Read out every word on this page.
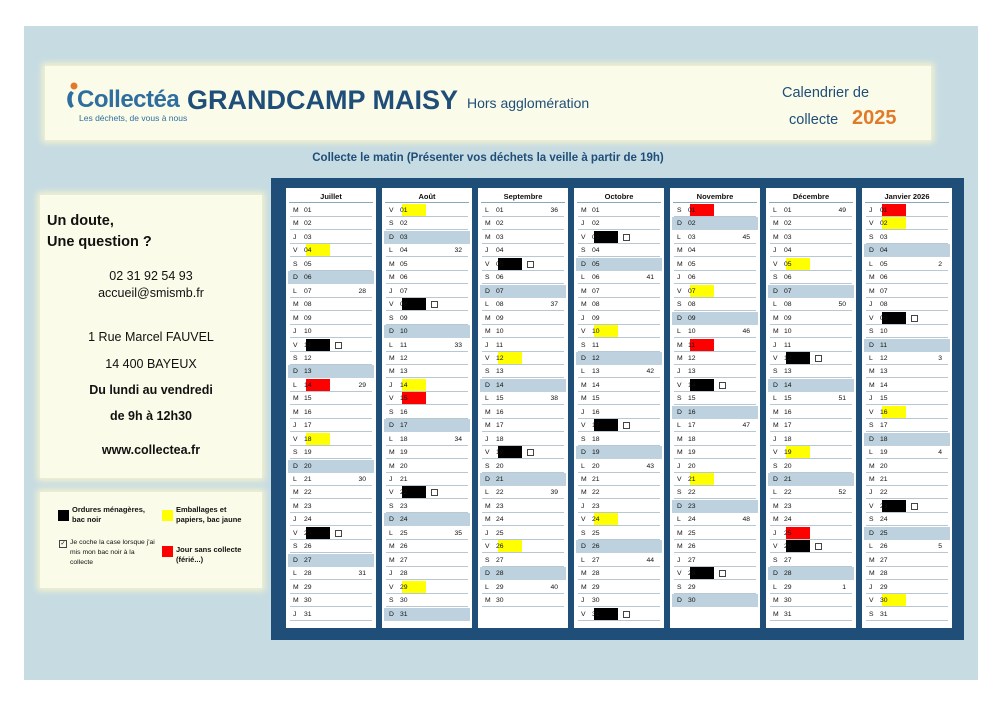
Collectéa
Les déchets, de vous à nous
GRANDCAMP MAISY Hors agglomération
Calendrier de
collecte 2025
Collecte le matin (Présenter vos déchets la veille à partir de 19h)
Un doute,
Une question ?
02 31 92 54 93
accueil@smismb.fr
1 Rue Marcel FAUVEL
14 400 BAYEUX
Du lundi au vendredi
de 9h à 12h30
www.collectea.fr
Ordures ménagères, bac noir
Emballages et papiers, bac jaune
✓ Je coche la case lorsque j'ai mis mon bac noir à la collecte
Jour sans collecte (férié...)
Juillet
M 01
M 02
J 03
V 04
S 05
D 06
L 07	28
M 08
M 09
J 10
V 11
S 12
D 13
L 14	29
M 15
M 16
J 17
V 18
S 19
D 20
L 21	30
M 22
M 23
J 24
V 25
S 26
D 27
L 28	31
M 29
M 30
J 31
Août
V 01
S 02
D 03
L 04	32
M 05
M 06
J 07
V 08
S 09
D 10
L 11	33
M 12
M 13
J 14
V 15
S 16
D 17
L 18	34
M 19
M 20
J 21
V 22
S 23
D 24
L 25	35
M 26
M 27
J 28
V 29
S 30
D 31
Septembre
L 01	36
M 02
M 03
J 04
V 05
S 06
D 07
L 08	37
M 09
M 10
J 11
V 12
S 13
D 14
L 15	38
M 16
M 17
J 18
V 19
S 20
D 21
L 22	39
M 23
M 24
J 25
V 26
S 27
D 28
L 29	40
M 30
Octobre
M 01
J 02
V 03
S 04
D 05
L 06	41
M 07
M 08
J 09
V 10
S 11
D 12
L 13	42
M 14
M 15
J 16
V 17
S 18
D 19
L 20	43
M 21
M 22
J 23
V 24
S 25
D 26
L 27	44
M 28
M 29
J 30
V 31
Novembre
S 01
D 02
L 03	45
M 04
M 05
J 06
V 07
S 08
D 09
L 10	46
M 11
M 12
J 13
V 14
S 15
D 16
L 17	47
M 18
M 19
J 20
V 21
S 22
D 23
L 24	48
M 25
M 26
J 27
V 28
S 29
D 30
Décembre
L 01	49
M 02
M 03
J 04
V 05
S 06
D 07
L 08	50
M 09
M 10
J 11
V 12
S 13
D 14
L 15	51
M 16
M 17
J 18
V 19
S 20
D 21
L 22	52
M 23
M 24
J 25
V 26
S 27
D 28
L 29	1
M 30
M 31
Janvier 2026
J 01
V 02
S 03
D 04
L 05	2
M 06
M 07
J 08
V 09
S 10
D 11
L 12	3
M 13
M 14
J 15
V 16
S 17
D 18
L 19	4
M 20
M 21
J 22
V 23
S 24
D 25
L 26	5
M 27
M 28
J 29
V 30
S 31
